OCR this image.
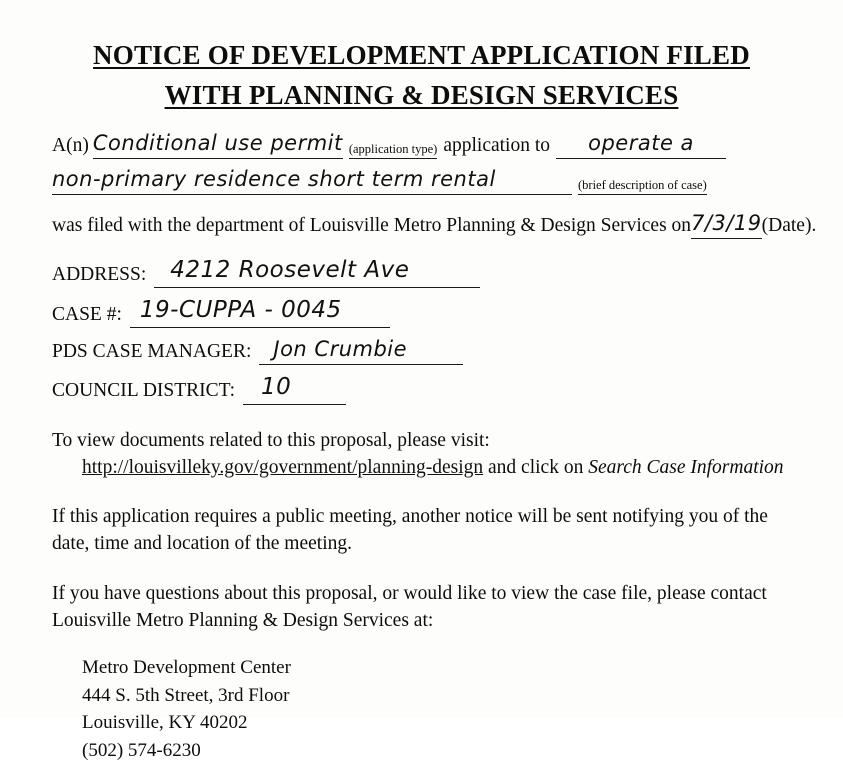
NOTICE OF DEVELOPMENT APPLICATION FILED WITH PLANNING & DESIGN SERVICES
A(n) Conditional use permit (application type) application to	operate a
non-primary residence short term rental	(brief description of case)
was filed with the department of Louisville Metro Planning & Design Services on 7/3/19 (Date).
ADDRESS:	4212 Roosevelt Ave
CASE #: 19-CUPPA - 0045
PDS CASE MANAGER:	Jon Crumbie
COUNCIL DISTRICT:	10
To view documents related to this proposal, please visit:
http://louisvilleky.gov/government/planning-design and click on Search Case Information
If this application requires a public meeting, another notice will be sent notifying you of the date, time and location of the meeting.
If you have questions about this proposal, or would like to view the case file, please contact Louisville Metro Planning & Design Services at:
Metro Development Center
444 S. 5th Street, 3rd Floor
Louisville, KY 40202
(502) 574-6230
